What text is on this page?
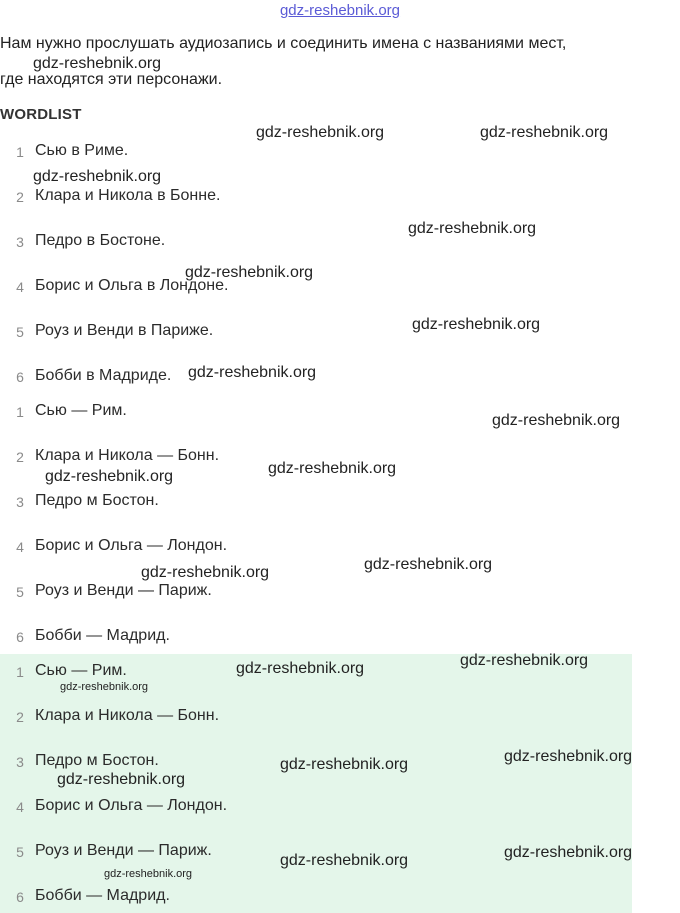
gdz-reshebnik.org
Нам нужно прослушать аудиозапись и соединить имена с названиями мест,
где находятся эти персонажи.
WORDLIST
1 Сью в Риме.
2 Клара и Никола в Бонне.
3 Педро в Бостоне.
4 Борис и Ольга в Лондоне.
5 Роуз и Венди в Париже.
6 Бобби в Мадриде.
1 Сью — Рим.
2 Клара и Никола — Бонн.
3 Педро м Бостон.
4 Борис и Ольга — Лондон.
5 Роуз и Венди — Париж.
6 Бобби — Мадрид.
1 Сью — Рим.
2 Клара и Никола — Бонн.
3 Педро м Бостон.
4 Борис и Ольга — Лондон.
5 Роуз и Венди — Париж.
6 Бобби — Мадрид.
gdz-reshebnik.org
gdz-reshebnik.org	gdz-reshebnik.org
gdz-reshebnik.org
gdz-reshebnik.org
gdz-reshebnik.org
gdz-reshebnik.org
gdz-reshebnik.org
gdz-reshebnik.org
gdz-reshebnik.org
gdz-reshebnik.org
gdz-reshebnik.org
gdz-reshebnik.org
gdz-reshebnik.org
gdz-reshebnik.org
gdz-reshebnik.org
gdz-reshebnik.org
gdz-reshebnik.org
gdz-reshebnik.org
gdz-reshebnik.org
gdz-reshebnik.org
gdz-reshebnik.org
